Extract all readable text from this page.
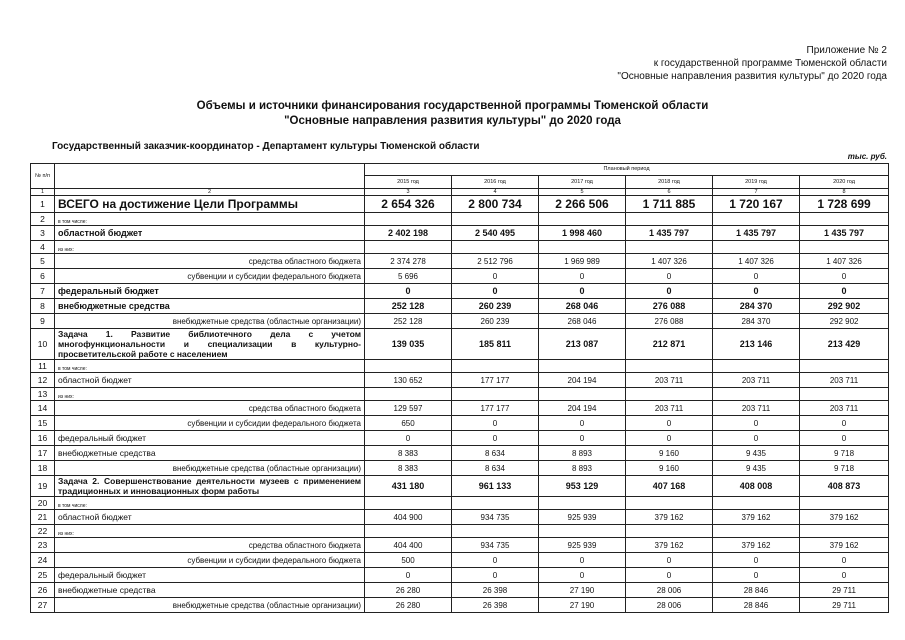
Приложение № 2
к государственной программе Тюменской области
"Основные направления развития культуры" до 2020 года
Объемы и источники финансирования государственной программы Тюменской области
"Основные направления развития культуры" до 2020 года
Государственный заказчик-координатор - Департамент культуры Тюменской области
тыс. руб.
№ п/п		Плановый период					
		2015 год	2016 год	2017 год	2018 год	2019 год	2020 год
1	2	3	4	5	6	7	8
1	ВСЕГО на достижение Цели Программы	2 654 326	2 800 734	2 266 506	1 711 885	1 720 167	1 728 699
2	в том числе:						
3	областной бюджет	2 402 198	2 540 495	1 998 460	1 435 797	1 435 797	1 435 797
4	из них:						
5	средства областного бюджета	2 374 278	2 512 796	1 969 989	1 407 326	1 407 326	1 407 326
6	субвенции и субсидии федерального бюджета	5 696	0	0	0	0	0
7	федеральный бюджет	0	0	0	0	0	0
8	внебюджетные средства	252 128	260 239	268 046	276 088	284 370	292 902
9	внебюджетные средства (областные организации)	252 128	260 239	268 046	276 088	284 370	292 902
10	Задача 1. Развитие библиотечного дела с учетом многофункциональности и специализации в культурно-просветительской работе с населением	139 035	185 811	213 087	212 871	213 146	213 429
11	в том числе:						
12	областной бюджет	130 652	177 177	204 194	203 711	203 711	203 711
13	из них:						
14	средства областного бюджета	129 597	177 177	204 194	203 711	203 711	203 711
15	субвенции и субсидии федерального бюджета	650	0	0	0	0	0
16	федеральный бюджет	0	0	0	0	0	0
17	внебюджетные средства	8 383	8 634	8 893	9 160	9 435	9 718
18	внебюджетные средства (областные организации)	8 383	8 634	8 893	9 160	9 435	9 718
19	Задача 2. Совершенствование деятельности музеев с применением традиционных и инновационных форм работы	431 180	961 133	953 129	407 168	408 008	408 873
20	в том числе:						
21	областной бюджет	404 900	934 735	925 939	379 162	379 162	379 162
22	из них:						
23	средства областного бюджета	404 400	934 735	925 939	379 162	379 162	379 162
24	субвенции и субсидии федерального бюджета	500	0	0	0	0	0
25	федеральный бюджет	0	0	0	0	0	0
26	внебюджетные средства	26 280	26 398	27 190	28 006	28 846	29 711
27	внебюджетные средства (областные организации)	26 280	26 398	27 190	28 006	28 846	29 711
